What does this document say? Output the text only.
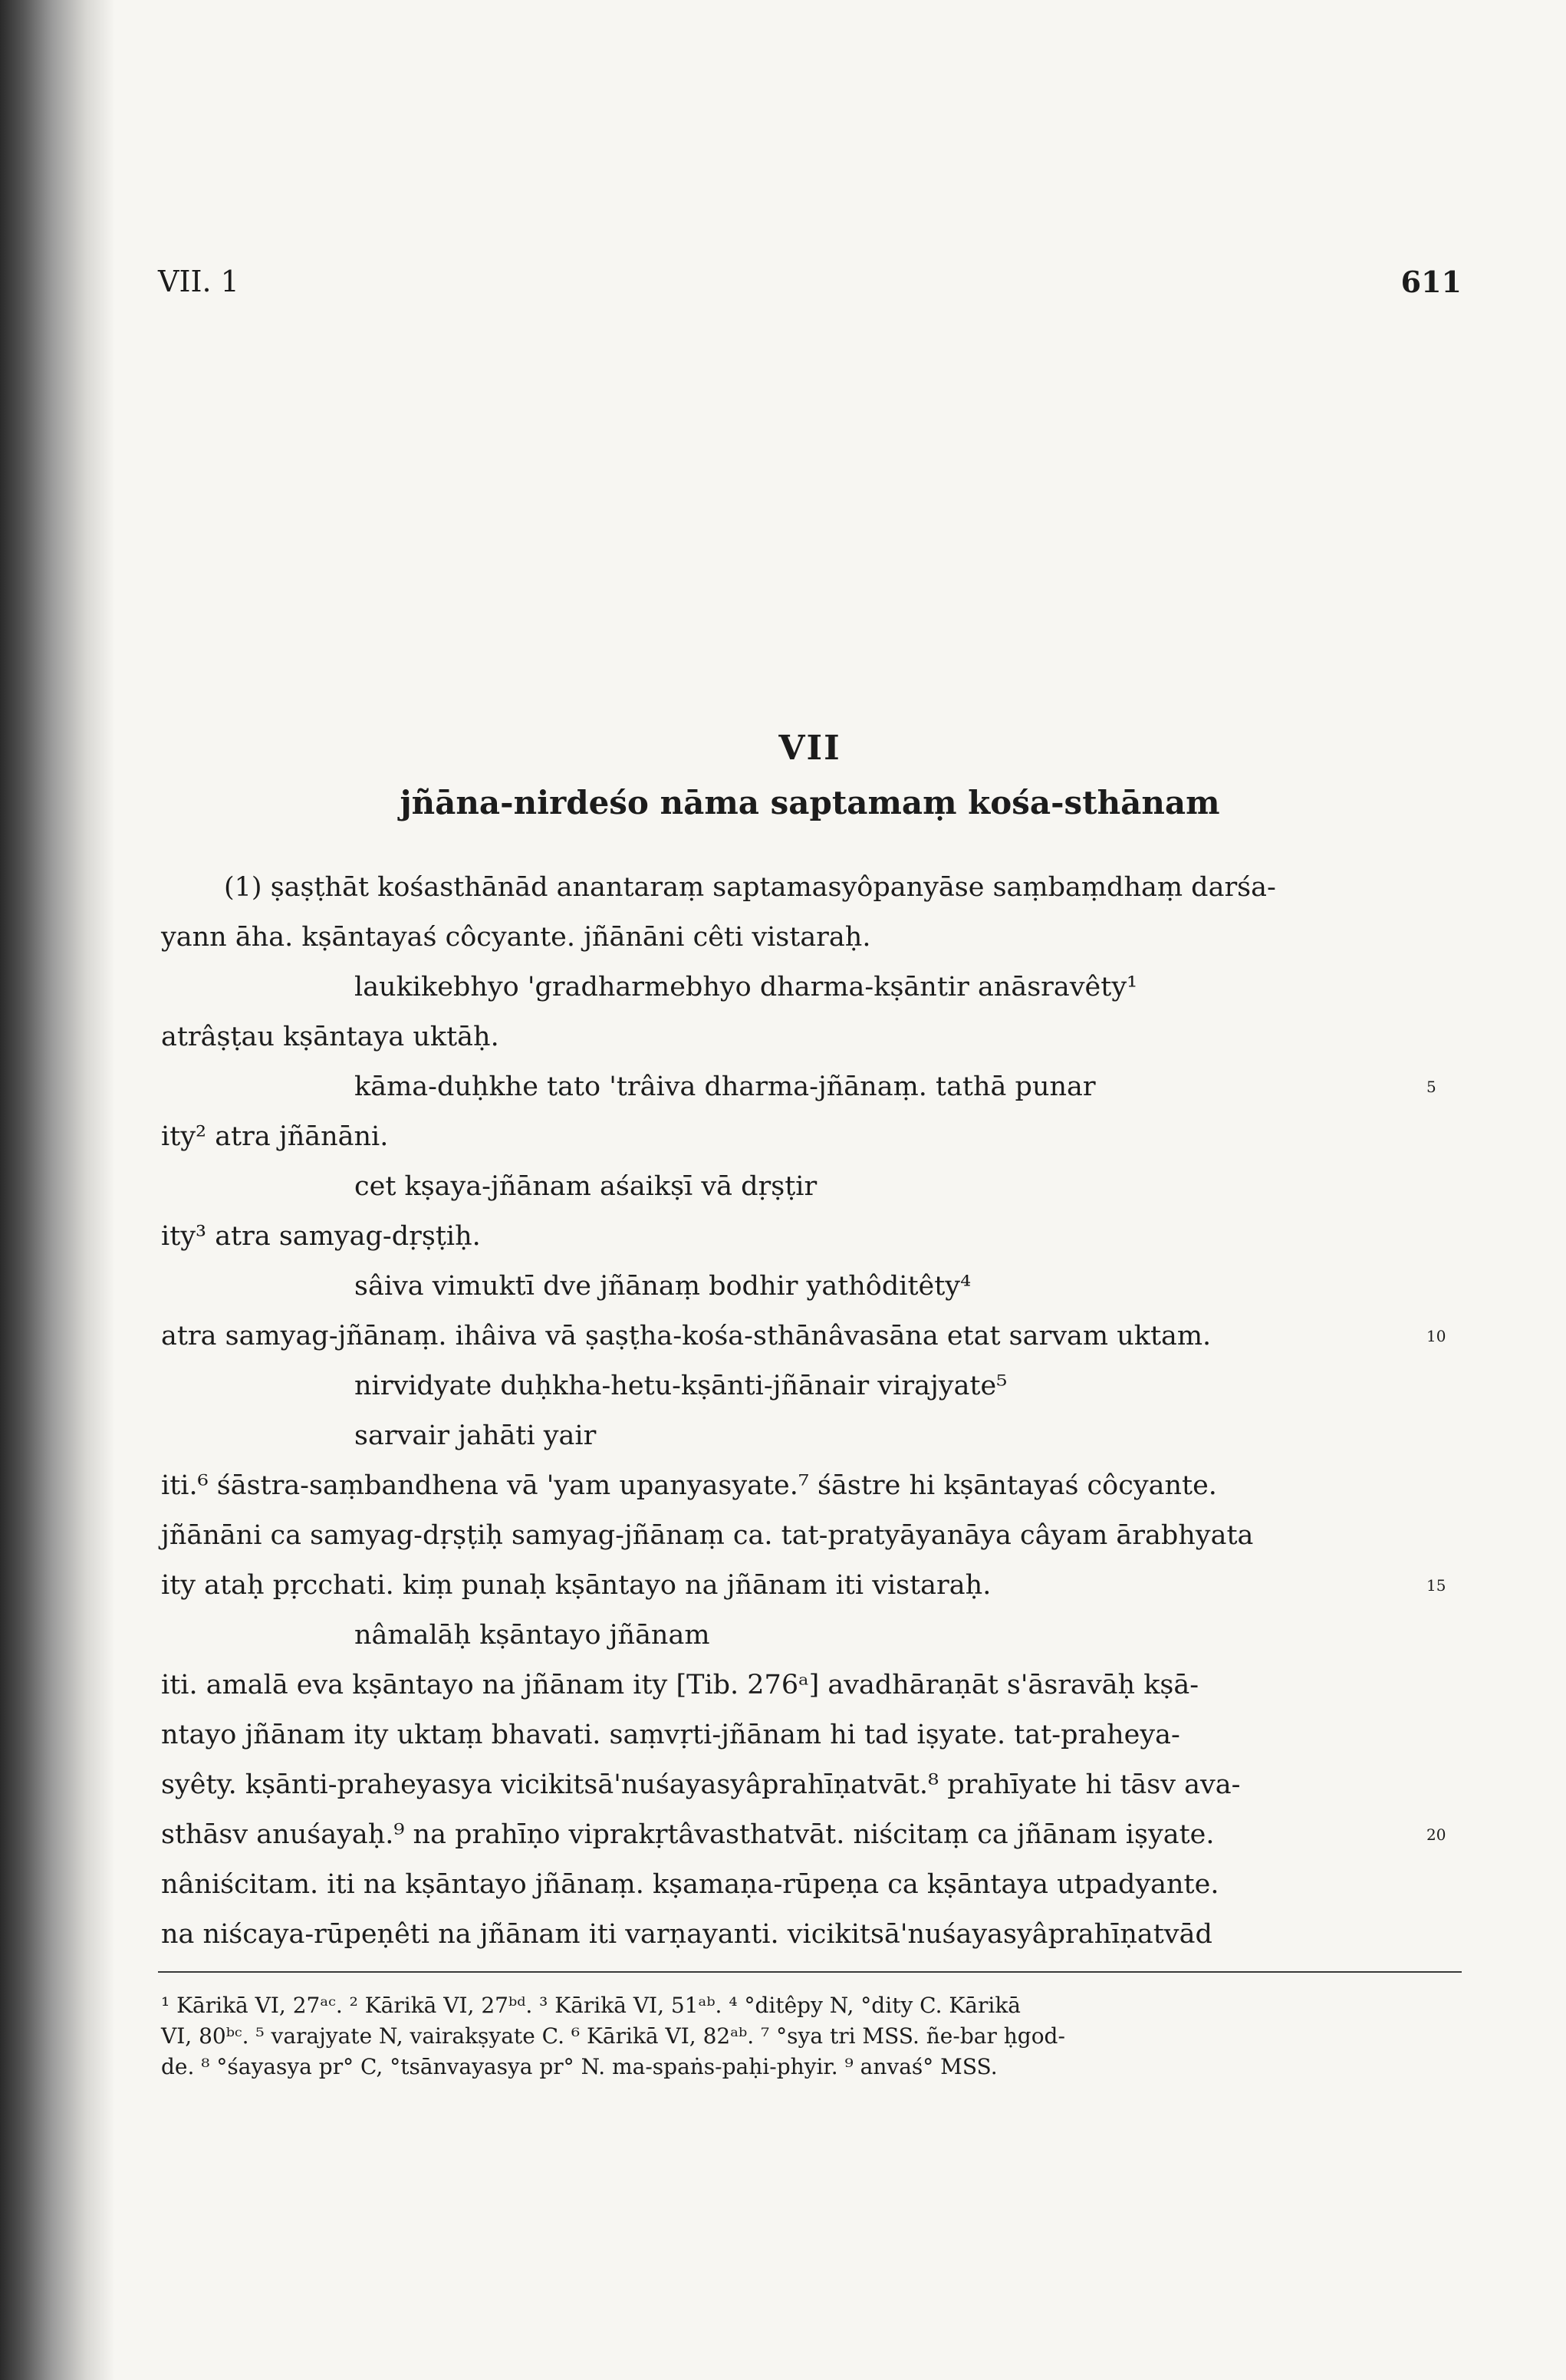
VII. 1	611
VII
jñāna-nirdeśo nāma saptamaṃ kośa-sthānam
(1) ṣaṣṭhāt kośasthānād anantaraṃ saptamasyôpanyāse saṃbaṃdhaṃ darśa-
yann āha. kṣāntayaś côcyante. jñānāni cêti vistaraḥ.
laukikebhyo 'gradharmebhyo dharma-kṣāntir anāsravêty¹
atrâṣṭau kṣāntaya uktāḥ.
kāma-duḥkhe tato 'trâiva dharma-jñānaṃ. tathā punar	5
ity² atra jñānāni.
cet kṣaya-jñānam aśaikṣī vā dṛṣṭir
ity³ atra samyag-dṛṣṭiḥ.
sâiva vimuktī dve jñānaṃ bodhir yathôditêty⁴
atra samyag-jñānaṃ. ihâiva vā ṣaṣṭha-kośa-sthānâvasāna etat sarvam uktam.	10
nirvidyate duḥkha-hetu-kṣānti-jñānair virajyate⁵
sarvair jahāti yair
iti.⁶ śāstra-saṃbandhena vā 'yam upanyasyate.⁷ śāstre hi kṣāntayaś côcyante.
jñānāni ca samyag-dṛṣṭiḥ samyag-jñānaṃ ca. tat-pratyāyanāya câyam ārabhyata
ity ataḥ pṛcchati. kiṃ punaḥ kṣāntayo na jñānam iti vistaraḥ.	15
nâmalāḥ kṣāntayo jñānam
iti. amalā eva kṣāntayo na jñānam ity [Tib. 276ᵃ] avadhāraṇāt s'āsravāḥ kṣā-
ntayo jñānam ity uktaṃ bhavati. saṃvṛti-jñānam hi tad iṣyate. tat-praheya-
syêty. kṣānti-praheyasya vicikitsā'nuśayasyâprahīṇatvāt.⁸ prahīyate hi tāsv ava-
sthāsv anuśayaḥ.⁹ na prahīṇo viprakṛtâvasthatvāt. niścitaṃ ca jñānam iṣyate.	20
nâniścitam. iti na kṣāntayo jñānaṃ. kṣamaṇa-rūpeṇa ca kṣāntaya utpadyante.
na niścaya-rūpeṇêti na jñānam iti varṇayanti. vicikitsā'nuśayasyâprahīṇatvād
¹ Kārikā VI, 27ᵃᶜ. ² Kārikā VI, 27ᵇᵈ. ³ Kārikā VI, 51ᵃᵇ. ⁴ °ditêpy N, °dity C. Kārikā
VI, 80ᵇᶜ. ⁵ varajyate N, vairakṣyate C. ⁶ Kārikā VI, 82ᵃᵇ. ⁷ °sya tri MSS. ñe-bar ḥgod-
de. ⁸ °śayasya pr° C, °tsānvayasya pr° N. ma-spaṅs-paḥi-phyir. ⁹ anvaś° MSS.
